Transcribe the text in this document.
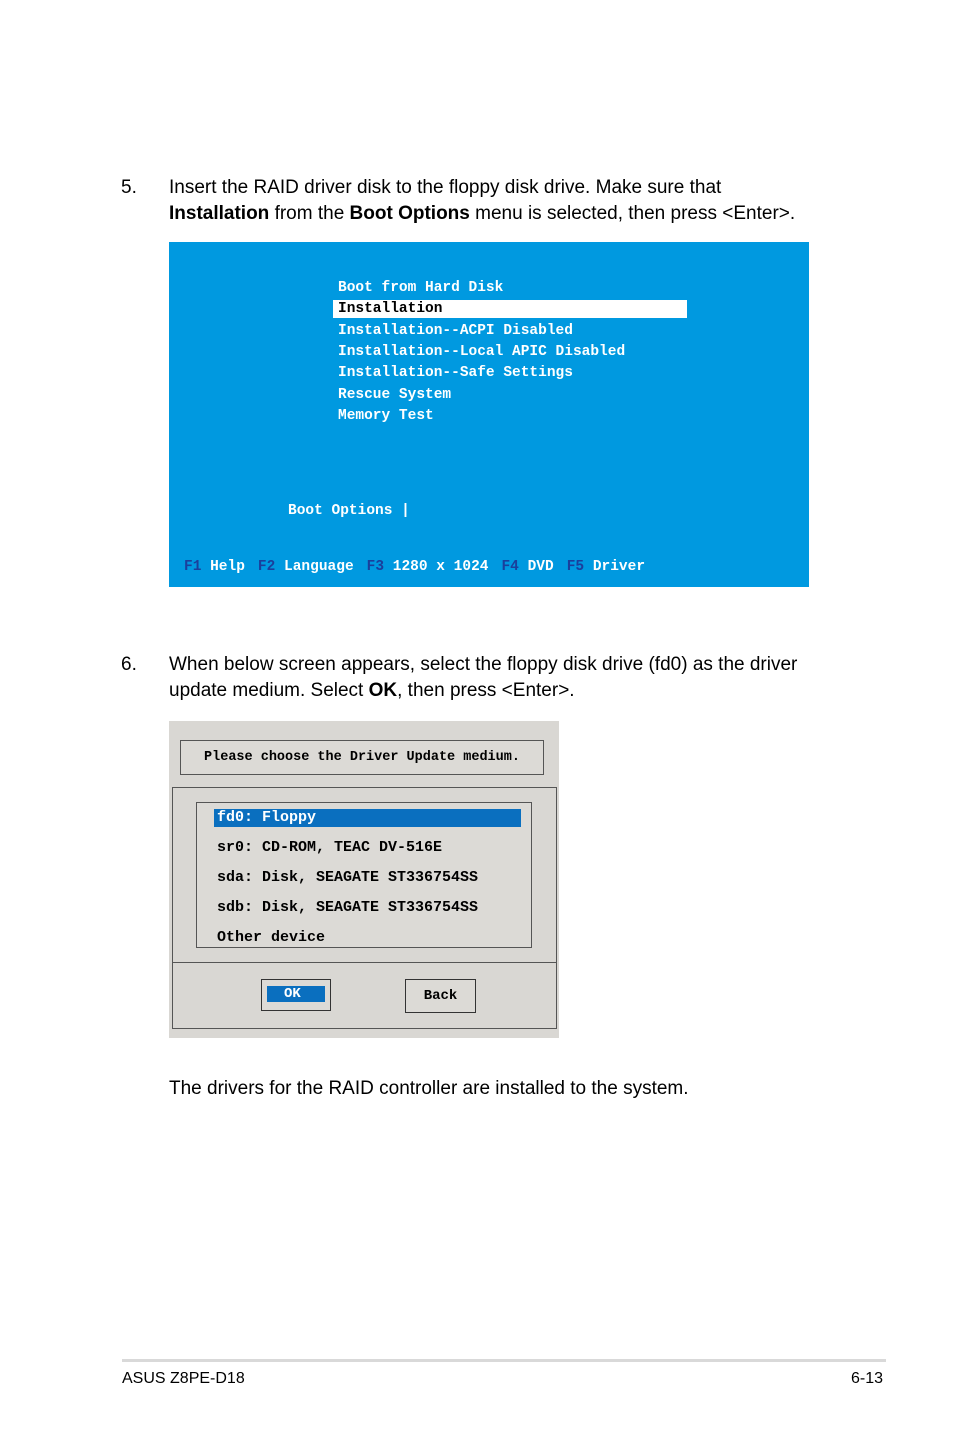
5. Insert the RAID driver disk to the floppy disk drive. Make sure that
Installation from the Boot Options menu is selected, then press <Enter>.
Boot from Hard Disk
Installation
Installation--ACPI Disabled
Installation--Local APIC Disabled
Installation--Safe Settings
Rescue System
Memory Test
Boot Options |
F1 Help F2 Language F3 1280 x 1024 F4 DVD F5 Driver
6. When below screen appears, select the floppy disk drive (fd0) as the driver update medium. Select OK, then press <Enter>.
Please choose the Driver Update medium.
fd0: Floppy
sr0: CD-ROM, TEAC DV-516E
sda: Disk, SEAGATE ST336754SS
sdb: Disk, SEAGATE ST336754SS
Other device
OK	Back
The drivers for the RAID controller are installed to the system.
ASUS Z8PE-D18	6-13
